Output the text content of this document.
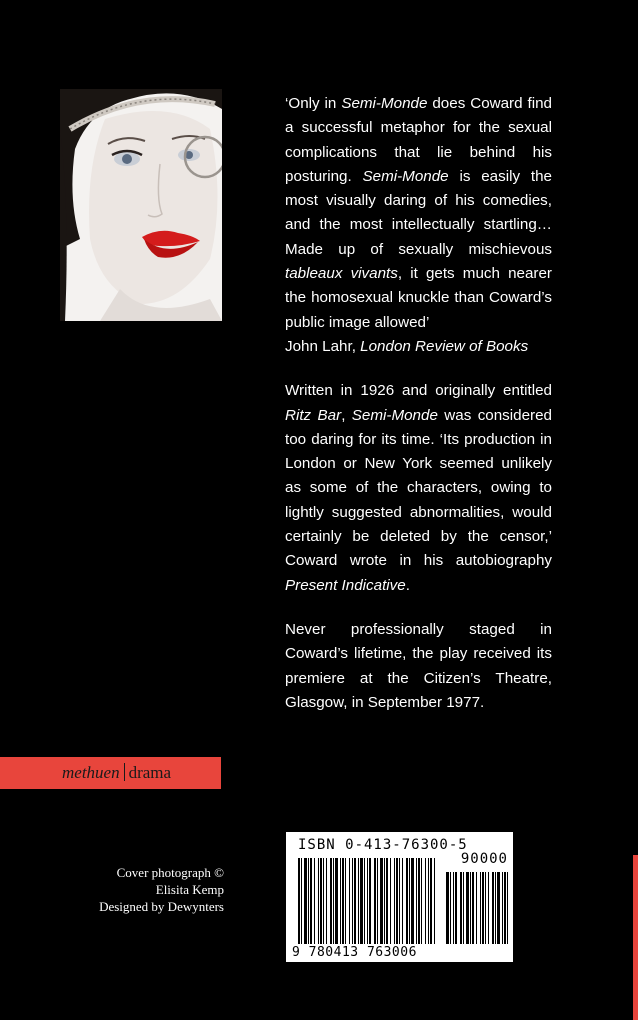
‘Only in Semi-Monde does Coward find a successful metaphor for the sexual complications that lie behind his posturing. Semi-Monde is easily the most visually daring of his comedies, and the most intellectually startling… Made up of sexually mischievous tableaux vivants, it gets much nearer the homosexual knuckle than Coward’s public image allowed’
John Lahr, London Review of Books

Written in 1926 and originally entitled Ritz Bar, Semi-Monde was considered too daring for its time. ‘Its production in London or New York seemed unlikely as some of the characters, owing to lightly suggested abnormalities, would certainly be deleted by the censor,’ Coward wrote in his autobiography Present Indicative.

Never professionally staged in Coward’s lifetime, the play received its premiere at the Citizen’s Theatre, Glasgow, in September 1977.

methuen drama
Cover photograph ©
Elisita Kemp
Designed by Dewynters
ISBN 0-413-76300-5
90000
9 780413 763006
